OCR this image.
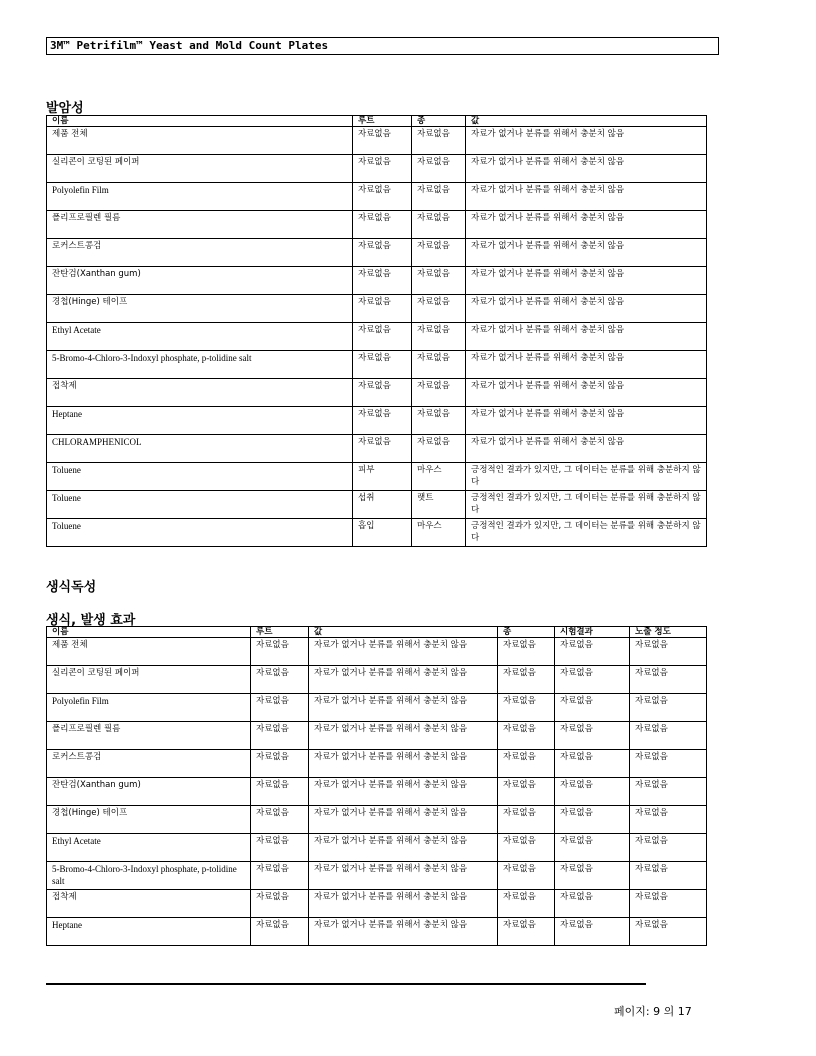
3M™ Petrifilm™ Yeast and Mold Count Plates
발암성
이름	루트	종	값
제품 전체	자료없음	자료없음	자료가 없거나 분류를 위해서 충분치 않음
실리콘이 코팅된 페이퍼	자료없음	자료없음	자료가 없거나 분류를 위해서 충분치 않음
Polyolefin Film	자료없음	자료없음	자료가 없거나 분류를 위해서 충분치 않음
폴리프로필렌 필름	자료없음	자료없음	자료가 없거나 분류를 위해서 충분치 않음
로커스트콩검	자료없음	자료없음	자료가 없거나 분류를 위해서 충분치 않음
잔탄검(Xanthan gum)	자료없음	자료없음	자료가 없거나 분류를 위해서 충분치 않음
경첩(Hinge) 테이프	자료없음	자료없음	자료가 없거나 분류를 위해서 충분치 않음
Ethyl Acetate	자료없음	자료없음	자료가 없거나 분류를 위해서 충분치 않음
5-Bromo-4-Chloro-3-Indoxyl phosphate, p-tolidine salt	자료없음	자료없음	자료가 없거나 분류를 위해서 충분치 않음
접착제	자료없음	자료없음	자료가 없거나 분류를 위해서 충분치 않음
Heptane	자료없음	자료없음	자료가 없거나 분류를 위해서 충분치 않음
CHLORAMPHENICOL	자료없음	자료없음	자료가 없거나 분류를 위해서 충분치 않음
Toluene	피부	마우스	긍정적인 결과가 있지만, 그 데이터는 분류를 위해 충분하지 않다
Toluene	섭취	랫트	긍정적인 결과가 있지만, 그 데이터는 분류를 위해 충분하지 않다
Toluene	흡입	마우스	긍정적인 결과가 있지만, 그 데이터는 분류를 위해 충분하지 않다
생식독성
생식, 발생 효과
이름	루트	값	종	시험결과	노출 정도
제품 전체	자료없음	자료가 없거나 분류를 위해서 충분치 않음	자료없음	자료없음	자료없음
실리콘이 코팅된 페이퍼	자료없음	자료가 없거나 분류를 위해서 충분치 않음	자료없음	자료없음	자료없음
Polyolefin Film	자료없음	자료가 없거나 분류를 위해서 충분치 않음	자료없음	자료없음	자료없음
폴리프로필렌 필름	자료없음	자료가 없거나 분류를 위해서 충분치 않음	자료없음	자료없음	자료없음
로커스트콩검	자료없음	자료가 없거나 분류를 위해서 충분치 않음	자료없음	자료없음	자료없음
잔탄검(Xanthan gum)	자료없음	자료가 없거나 분류를 위해서 충분치 않음	자료없음	자료없음	자료없음
경첩(Hinge) 테이프	자료없음	자료가 없거나 분류를 위해서 충분치 않음	자료없음	자료없음	자료없음
Ethyl Acetate	자료없음	자료가 없거나 분류를 위해서 충분치 않음	자료없음	자료없음	자료없음
5-Bromo-4-Chloro-3-Indoxyl phosphate, p-tolidine salt	자료없음	자료가 없거나 분류를 위해서 충분치 않음	자료없음	자료없음	자료없음
접착제	자료없음	자료가 없거나 분류를 위해서 충분치 않음	자료없음	자료없음	자료없음
Heptane	자료없음	자료가 없거나 분류를 위해서 충분치 않음	자료없음	자료없음	자료없음
페이지: 9 의 17
